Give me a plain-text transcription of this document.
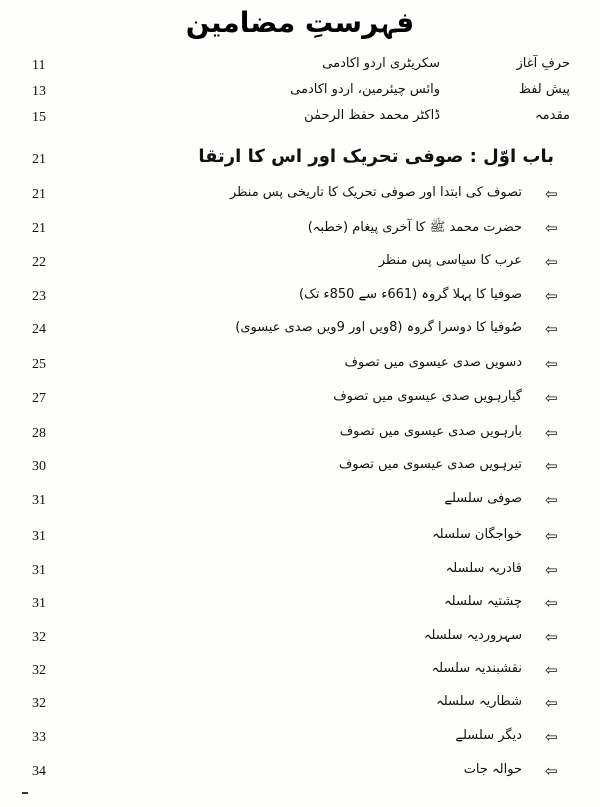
فہرستِ مضامین
11	سکریٹری اردو اکادمی	حرفِ آغاز
13	وائس چیئرمین، اردو اکادمی	پیش لفظ
15	ڈاکٹر محمد حفظ الرحمٰن	مقدمہ
21	باب اوّل : صوفی تحریک اور اس کا ارتقا
21	تصوف کی ابتدا اور صوفی تحریک کا تاریخی پس منظر ⇦
21	حضرت محمد ﷺ کا آخری پیغام (خطبہ) ⇦
22	عرب کا سیاسی پس منظر ⇦
23	صوفیا کا پہلا گروہ (661ء سے 850ء تک) ⇦
24	صُوفیا کا دوسرا گروہ (8ویں اور 9ویں صدی عیسوی) ⇦
25	دسویں صدی عیسوی میں تصوف ⇦
27	گیارہویں صدی عیسوی میں تصوف ⇦
28	بارہویں صدی عیسوی میں تصوف ⇦
30	تیرہویں صدی عیسوی میں تصوف ⇦
31	صوفی سلسلے ⇦
31	خواجگان سلسلہ ⇦
31	قادریہ سلسلہ ⇦
31	چشتیہ سلسلہ ⇦
32	سہروردیہ سلسلہ ⇦
32	نقشبندیہ سلسلہ ⇦
32	شطاریہ سلسلہ ⇦
33	دیگر سلسلے ⇦
34	حوالہ جات ⇦
